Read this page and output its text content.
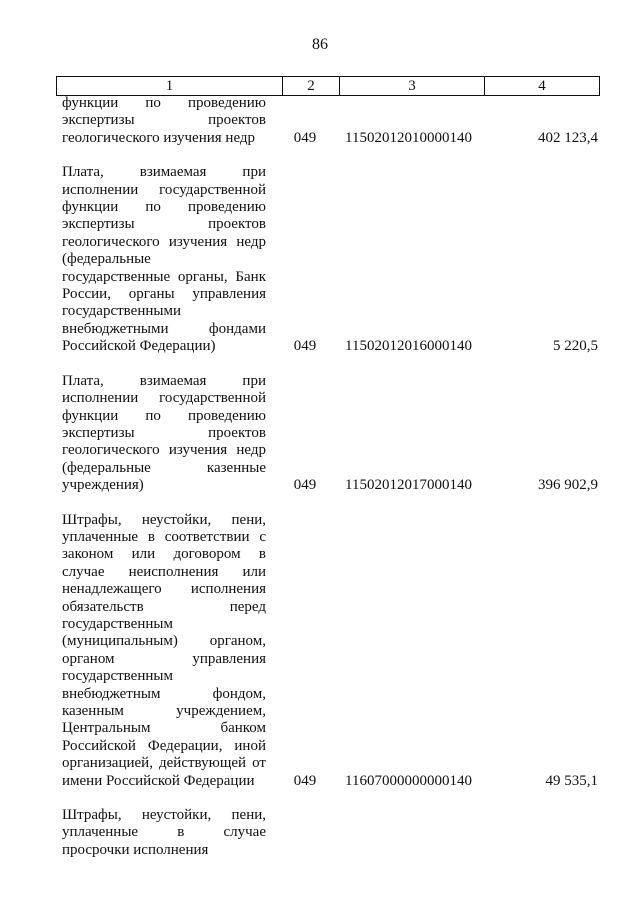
86
1	2	3	4
функции по проведению
экспертизы проектов
геологического изучения недр	049 11502012010000140	402 123,4
Плата, взимаемая при
исполнении государственной
функции по проведению
экспертизы проектов
геологического изучения недр
(федеральные
государственные органы, Банк
России, органы управления
государственными
внебюджетными фондами
Российской Федерации)	049 11502012016000140	5 220,5
Плата, взимаемая при
исполнении государственной
функции по проведению
экспертизы проектов
геологического изучения недр
(федеральные казенные
учреждения)	049 11502012017000140	396 902,9
Штрафы, неустойки, пени,
уплаченные в соответствии с
законом или договором в
случае неисполнения или
ненадлежащего исполнения
обязательств перед
государственным
(муниципальным) органом,
органом управления
государственным
внебюджетным фондом,
казенным учреждением,
Центральным банком
Российской Федерации, иной
организацией, действующей от
имени Российской Федерации	049 11607000000000140	49 535,1
Штрафы, неустойки, пени,
уплаченные в случае
просрочки исполнения
